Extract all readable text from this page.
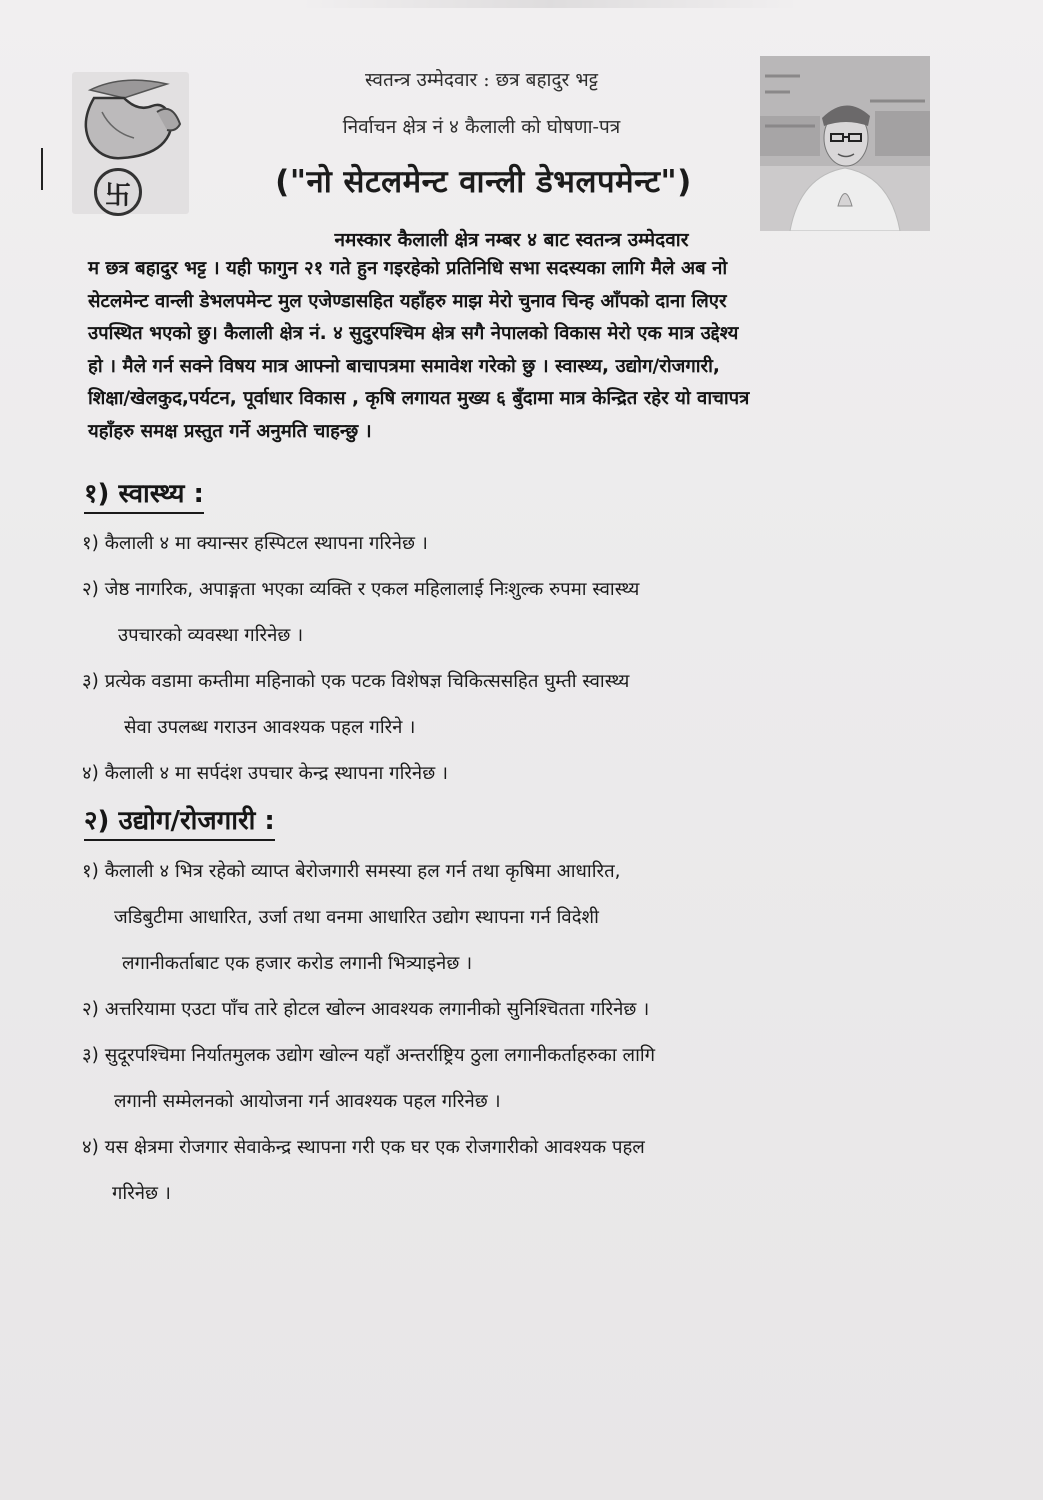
卐
स्वतन्त्र उम्मेदवार : छत्र बहादुर भट्ट
निर्वाचन क्षेत्र नं ४ कैलाली को घोषणा-पत्र
("नो सेटलमेन्ट वान्ली डेभलपमेन्ट")
नमस्कार कैलाली क्षेत्र नम्बर ४ बाट स्वतन्त्र उम्मेदवार
म छत्र बहादुर भट्ट । यही फागुन २१ गते हुन गइरहेको प्रतिनिधि सभा सदस्यका लागि मैले अब नो
सेटलमेन्ट वान्ली डेभलपमेन्ट मुल एजेण्डासहित यहाँहरु माझ मेरो चुनाव चिन्ह आँपको दाना लिएर
उपस्थित भएको छु। कैलाली क्षेत्र नं. ४ सुदुरपश्चिम क्षेत्र सगै नेपालको विकास मेरो एक मात्र उद्देश्य
हो । मैले गर्न सक्ने विषय मात्र आफ्नो बाचापत्रमा समावेश गरेको छु । स्वास्थ्य, उद्योग/रोजगारी,
शिक्षा/खेलकुद,पर्यटन, पूर्वाधार विकास , कृषि लगायत मुख्य ६ बुँदामा मात्र केन्द्रित रहेर यो वाचापत्र
यहाँहरु समक्ष प्रस्तुत गर्ने अनुमति चाहन्छु ।
१) स्वास्थ्य :
१) कैलाली ४ मा क्यान्सर हस्पिटल स्थापना गरिनेछ ।
२) जेष्ठ नागरिक, अपाङ्गता भएका व्यक्ति र एकल महिलालाई निःशुल्क रुपमा स्वास्थ्य
उपचारको व्यवस्था गरिनेछ ।
३) प्रत्येक वडामा कम्तीमा महिनाको एक पटक विशेषज्ञ चिकित्ससहित घुम्ती स्वास्थ्य
सेवा उपलब्ध गराउन आवश्यक पहल गरिने ।
४) कैलाली ४ मा सर्पदंश उपचार केन्द्र स्थापना गरिनेछ ।
२) उद्योग/रोजगारी :
१) कैलाली ४ भित्र रहेको व्याप्त बेरोजगारी समस्या हल गर्न तथा कृषिमा आधारित,
जडिबुटीमा आधारित, उर्जा तथा वनमा आधारित उद्योग स्थापना गर्न विदेशी
लगानीकर्ताबाट एक हजार करोड लगानी भित्र्याइनेछ ।
२) अत्तरियामा एउटा पाँच तारे होटल खोल्न आवश्यक लगानीको सुनिश्चितता गरिनेछ ।
३) सुदूरपश्चिमा निर्यातमुलक उद्योग खोल्न यहाँ अन्तर्राष्ट्रिय ठुला लगानीकर्ताहरुका लागि
लगानी सम्मेलनको आयोजना गर्न आवश्यक पहल गरिनेछ ।
४) यस क्षेत्रमा रोजगार सेवाकेन्द्र स्थापना गरी एक घर एक रोजगारीको आवश्यक पहल
गरिनेछ ।
